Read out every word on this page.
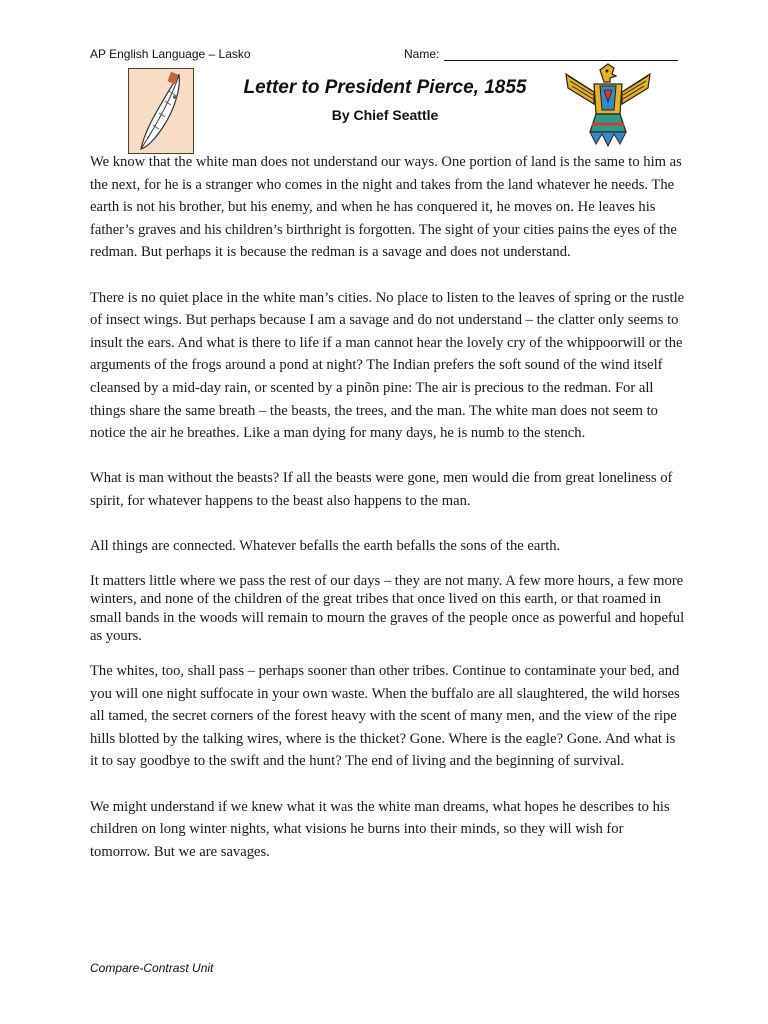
AP English Language – Lasko	Name:
Letter to President Pierce, 1855
By Chief Seattle

We know that the white man does not understand our ways. One portion of land is the same to him as the next, for he is a stranger who comes in the night and takes from the land whatever he needs. The earth is not his brother, but his enemy, and when he has conquered it, he moves on. He leaves his father’s graves and his children’s birthright is forgotten. The sight of your cities pains the eyes of the redman. But perhaps it is because the redman is a savage and does not understand.

There is no quiet place in the white man’s cities. No place to listen to the leaves of spring or the rustle of insect wings. But perhaps because I am a savage and do not understand – the clatter only seems to insult the ears. And what is there to life if a man cannot hear the lovely cry of the whippoorwill or the arguments of the frogs around a pond at night? The Indian prefers the soft sound of the wind itself cleansed by a mid-day rain, or scented by a pinõn pine: The air is precious to the redman. For all things share the same breath – the beasts, the trees, and the man. The white man does not seem to notice the air he breathes. Like a man dying for many days, he is numb to the stench.

What is man without the beasts? If all the beasts were gone, men would die from great loneliness of spirit, for whatever happens to the beast also happens to the man.

All things are connected. Whatever befalls the earth befalls the sons of the earth.

It matters little where we pass the rest of our days – they are not many. A few more hours, a few more winters, and none of the children of the great tribes that once lived on this earth, or that roamed in small bands in the woods will remain to mourn the graves of the people once as powerful and hopeful as yours.

The whites, too, shall pass – perhaps sooner than other tribes. Continue to contaminate your bed, and you will one night suffocate in your own waste. When the buffalo are all slaughtered, the wild horses all tamed, the secret corners of the forest heavy with the scent of many men, and the view of the ripe hills blotted by the talking wires, where is the thicket? Gone. Where is the eagle? Gone. And what is it to say goodbye to the swift and the hunt? The end of living and the beginning of survival.

We might understand if we knew what it was the white man dreams, what hopes he describes to his children on long winter nights, what visions he burns into their minds, so they will wish for tomorrow. But we are savages.

Compare-Contrast Unit
